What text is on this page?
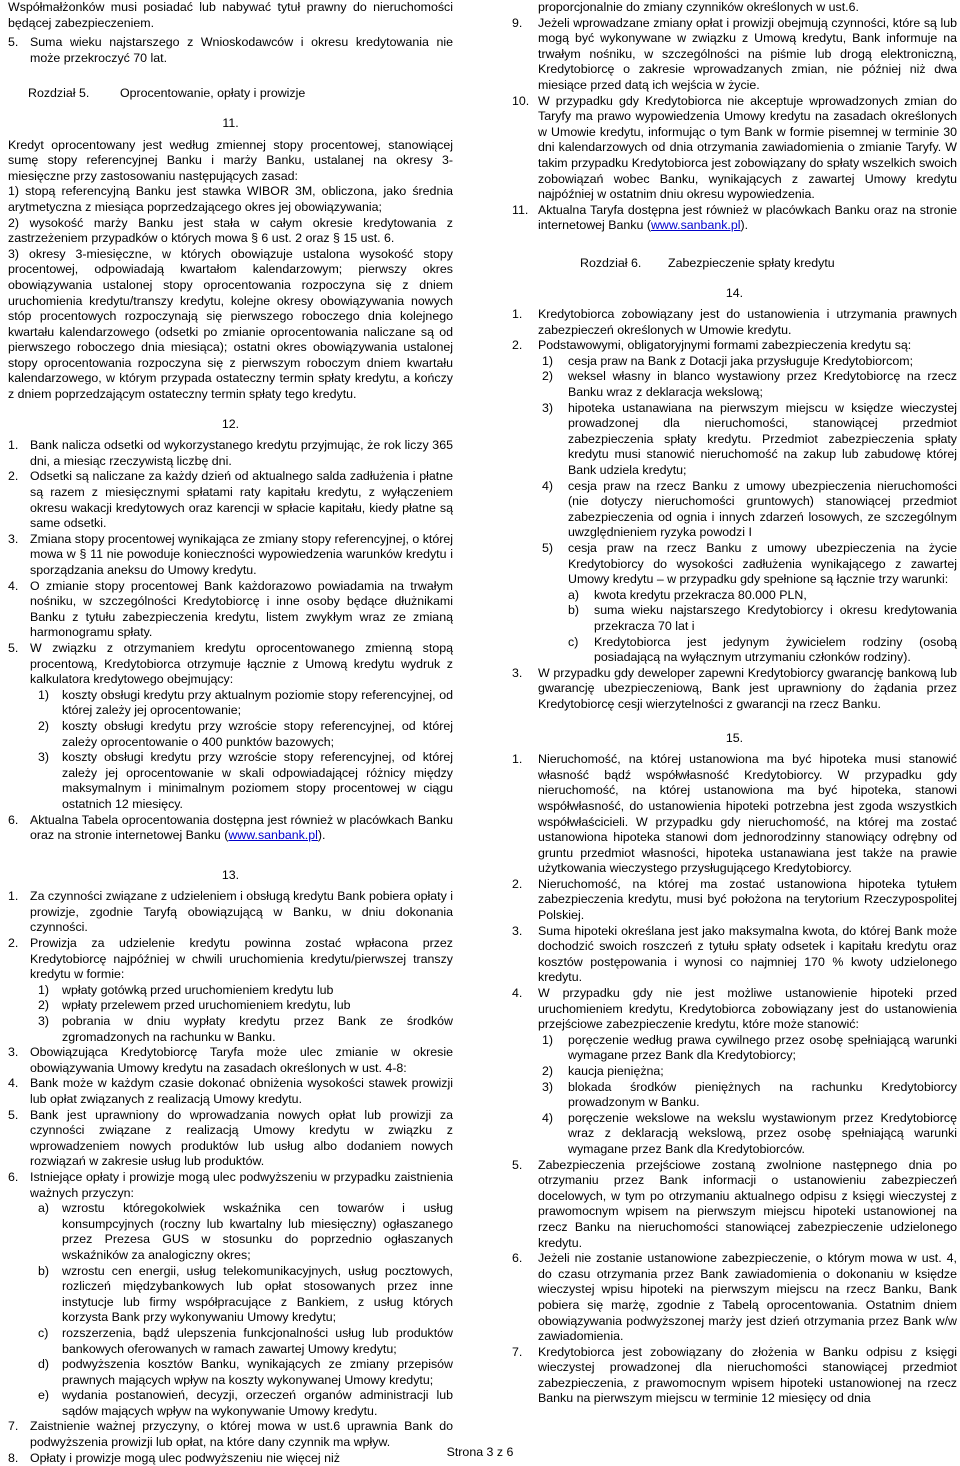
Współmałżonków musi posiadać lub nabywać tytuł prawny do nieruchomości będącej zabezpieczeniem.

5. Suma wieku najstarszego z Wnioskodawców i okresu kredytowania nie może przekroczyć 70 lat.
Rozdział 5.	Oprocentowanie, opłaty i prowizje
11.

Kredyt oprocentowany jest według zmiennej stopy procentowej, stanowiącej sumę stopy referencyjnej Banku i marży Banku, ustalanej na okresy 3-miesięczne przy zastosowaniu następujących zasad:

1) stopą referencyjną Banku jest stawka WIBOR 3M, obliczona, jako średnia arytmetyczna z miesiąca poprzedzającego okres jej obowiązywania;

2) wysokość marży Banku jest stała w całym okresie kredytowania z zastrzeżeniem przypadków o których mowa § 6 ust. 2 oraz § 15 ust. 6.

3) okresy 3-miesięczne, w których obowiązuje ustalona wysokość stopy procentowej, odpowiadają kwartałom kalendarzowym; pierwszy okres obowiązywania ustalonej stopy oprocentowania rozpoczyna się z dniem uruchomienia kredytu/transzy kredytu, kolejne okresy obowiązywania nowych stóp procentowych rozpoczynają się pierwszego roboczego dnia kolejnego kwartału kalendarzowego (odsetki po zmianie oprocentowania naliczane są od pierwszego roboczego dnia miesiąca); ostatni okres obowiązywania ustalonej stopy oprocentowania rozpoczyna się z pierwszym roboczym dniem kwartału kalendarzowego, w którym przypada ostateczny termin spłaty kredytu, a kończy z dniem poprzedzającym ostateczny termin spłaty tego kredytu.

12.
1. Bank nalicza odsetki od wykorzystanego kredytu przyjmując, że rok liczy 365 dni, a miesiąc rzeczywistą liczbę dni.
2. Odsetki są naliczane za każdy dzień od aktualnego salda zadłużenia i płatne są razem z miesięcznymi spłatami raty kapitału kredytu, z wyłączeniem okresu wakacji kredytowych oraz karencji w spłacie kapitału, kiedy płatne są same odsetki.
3. Zmiana stopy procentowej wynikająca ze zmiany stopy referencyjnej, o której mowa w § 11 nie powoduje konieczności wypowiedzenia warunków kredytu i sporządzania aneksu do Umowy kredytu.
4. O zmianie stopy procentowej Bank każdorazowo powiadamia na trwałym nośniku, w szczególności Kredytobiorcę i inne osoby będące dłużnikami Banku z tytułu zabezpieczenia kredytu, listem zwykłym wraz ze zmianą harmonogramu spłaty.
5. W związku z otrzymaniem kredytu oprocentowanego zmienną stopą procentową, Kredytobiorca otrzymuje łącznie z Umową kredytu wydruk z kalkulatora kredytowego obejmujący:
1)	koszty obsługi kredytu przy aktualnym poziomie stopy referencyjnej, od której zależy jej oprocentowanie;
2)	koszty obsługi kredytu przy wzroście stopy referencyjnej, od której zależy oprocentowanie o 400 punktów bazowych;
3)	koszty obsługi kredytu przy wzroście stopy referencyjnej, od której zależy jej oprocentowanie w skali odpowiadającej różnicy między maksymalnym i minimalnym poziomem stopy procentowej w ciągu ostatnich 12 miesięcy.
6. Aktualna Tabela oprocentowania dostępna jest również w placówkach Banku oraz na stronie internetowej Banku (www.sanbank.pl).
13.
1. Za czynności związane z udzieleniem i obsługą kredytu Bank pobiera opłaty i prowizje, zgodnie Taryfą obowiązującą w Banku, w dniu dokonania czynności.
2. Prowizja za udzielenie kredytu powinna zostać wpłacona przez Kredytobiorcę najpóźniej w chwili uruchomienia kredytu/pierwszej transzy kredytu w formie:
1)	wpłaty gotówką przed uruchomieniem kredytu lub
2)	wpłaty przelewem przed uruchomieniem kredytu, lub
3)	pobrania w dniu wypłaty kredytu przez Bank ze środków zgromadzonych na rachunku w Banku.
3. Obowiązująca Kredytobiorcę Taryfa może ulec zmianie w okresie obowiązywania Umowy kredytu na zasadach określonych w ust. 4-8:
4. Bank może w każdym czasie dokonać obniżenia wysokości stawek prowizji lub opłat związanych z realizacją Umowy kredytu.
5. Bank jest uprawniony do wprowadzania nowych opłat lub prowizji za czynności związane z realizacją Umowy kredytu w związku z wprowadzeniem nowych produktów lub usług albo dodaniem nowych rozwiązań w zakresie usług lub produktów.
6. Istniejące opłaty i prowizje mogą ulec podwyższeniu w przypadku zaistnienia ważnych przyczyn:
a)	wzrostu któregokolwiek wskaźnika cen towarów i usług konsumpcyjnych (roczny lub kwartalny lub miesięczny) ogłaszanego przez Prezesa GUS w stosunku do poprzednio ogłaszanych wskaźników za analogiczny okres;
b)	wzrostu cen energii, usług telekomunikacyjnych, usług pocztowych, rozliczeń międzybankowych lub opłat stosowanych przez inne instytucje lub firmy współpracujące z Bankiem, z usług których korzysta Bank przy wykonywaniu Umowy kredytu;
c)	rozszerzenia, bądź ulepszenia funkcjonalności usług lub produktów bankowych oferowanych w ramach zawartej Umowy kredytu;
d)	podwyższenia kosztów Banku, wynikających ze zmiany przepisów prawnych mających wpływ na koszty wykonywanej Umowy kredytu;
e)	wydania postanowień, decyzji, orzeczeń organów administracji lub sądów mających wpływ na wykonywanie Umowy kredytu.
7. Zaistnienie ważnej przyczyny, o której mowa w ust.6 uprawnia Bank do podwyższenia prowizji lub opłat, na które dany czynnik ma wpływ.
8. Opłaty i prowizje mogą ulec podwyższeniu nie więcej niż

proporcjonalnie do zmiany czynników określonych w ust.6.

9.	Jeżeli wprowadzane zmiany opłat i prowizji obejmują czynności, które są lub mogą być wykonywane w związku z Umową kredytu, Bank informuje na trwałym nośniku, w szczególności na piśmie lub drogą elektroniczną, Kredytobiorcę o zakresie wprowadzanych zmian, nie później niż dwa miesiące przed datą ich wejścia w życie.
10. W przypadku gdy Kredytobiorca nie akceptuje wprowadzonych zmian do Taryfy ma prawo wypowiedzenia Umowy kredytu na zasadach określonych w Umowie kredytu, informując o tym Bank w formie pisemnej w terminie 30 dni kalendarzowych od dnia otrzymania zawiadomienia o zmianie Taryfy. W takim przypadku Kredytobiorca jest zobowiązany do spłaty wszelkich swoich zobowiązań wobec Banku, wynikających z zawartej Umowy kredytu najpóźniej w ostatnim dniu okresu wypowiedzenia.
11. Aktualna Taryfa dostępna jest również w placówkach Banku oraz na stronie internetowej Banku (www.sanbank.pl).
Rozdział 6.	Zabezpieczenie spłaty kredytu
14.
1.	Kredytobiorca zobowiązany jest do ustanowienia i utrzymania prawnych zabezpieczeń określonych w Umowie kredytu.
2.	Podstawowymi, obligatoryjnymi formami zabezpieczenia kredytu są:
1)	cesja praw na Bank z Dotacji jaka przysługuje Kredytobiorcom;
2)	weksel własny in blanco wystawiony przez Kredytobiorcę na rzecz Banku wraz z deklaracja wekslową;
3)	hipoteka ustanawiana na pierwszym miejscu w księdze wieczystej prowadzonej dla nieruchomości, stanowiącej przedmiot zabezpieczenia spłaty kredytu. Przedmiot zabezpieczenia spłaty kredytu musi stanowić nieruchomość na zakup lub zabudowę której Bank udziela kredytu;
4)	cesja praw na rzecz Banku z umowy ubezpieczenia nieruchomości (nie dotyczy nieruchomości gruntowych) stanowiącej przedmiot zabezpieczenia od ognia i innych zdarzeń losowych, ze szczególnym uwzględnieniem ryzyka powodzi I
5)	cesja praw na rzecz Banku z umowy ubezpieczenia na życie Kredytobiorcy do wysokości zadłużenia wynikającego z zawartej Umowy kredytu – w przypadku gdy spełnione są łącznie trzy warunki:
a)	kwota kredytu przekracza 80.000 PLN,
b)	suma wieku najstarszego Kredytobiorcy i okresu kredytowania przekracza 70 lat i
c)	Kredytobiorca jest jedynym żywicielem rodziny (osobą posiadającą na wyłącznym utrzymaniu członków rodziny).
3.	W przypadku gdy deweloper zapewni Kredytobiorcy gwarancję bankową lub gwarancję ubezpieczeniową, Bank jest uprawniony do żądania przez Kredytobiorcę cesji wierzytelności z gwarancji na rzecz Banku.
15.
1.	Nieruchomość, na której ustanowiona ma być hipoteka musi stanowić własność bądź współwłasność Kredytobiorcy. W przypadku gdy nieruchomość, na której ustanowiona ma być hipoteka, stanowi współwłasność, do ustanowienia hipoteki potrzebna jest zgoda wszystkich współwłaścicieli. W przypadku gdy nieruchomość, na której ma zostać ustanowiona hipoteka stanowi dom jednorodzinny stanowiący odrębny od gruntu przedmiot własności, hipoteka ustanawiana jest także na prawie użytkowania wieczystego przysługującego Kredytobiorcy.
2.	Nieruchomość, na której ma zostać ustanowiona hipoteka tytułem zabezpieczenia kredytu, musi być położona na terytorium Rzeczypospolitej Polskiej.
3.	Suma hipoteki określana jest jako maksymalna kwota, do której Bank może dochodzić swoich roszczeń z tytułu spłaty odsetek i kapitału kredytu oraz kosztów postępowania i wynosi co najmniej 170 % kwoty udzielonego kredytu.
4.	W przypadku gdy nie jest możliwe ustanowienie hipoteki przed uruchomieniem kredytu, Kredytobiorca zobowiązany jest do ustanowienia przejściowe zabezpieczenie kredytu, które może stanowić:
1)	poręczenie według prawa cywilnego przez osobę spełniającą warunki wymagane przez Bank dla Kredytobiorcy;
2)	kaucja pieniężna;
3)	blokada środków pieniężnych na rachunku Kredytobiorcy prowadzonym w Banku.
4)	poręczenie wekslowe na wekslu wystawionym przez Kredytobiorcę wraz z deklaracją wekslową, przez osobę spełniającą warunki wymagane przez Bank dla Kredytobiorców.
5.	Zabezpieczenia przejściowe zostaną zwolnione następnego dnia po otrzymaniu przez Bank informacji o ustanowieniu zabezpieczeń docelowych, w tym po otrzymaniu aktualnego odpisu z księgi wieczystej z prawomocnym wpisem na pierwszym miejscu hipoteki ustanowionej na rzecz Banku na nieruchomości stanowiącej zabezpieczenie udzielonego kredytu.
6.	Jeżeli nie zostanie ustanowione zabezpieczenie, o którym mowa w ust. 4, do czasu otrzymania przez Bank zawiadomienia o dokonaniu w księdze wieczystej wpisu hipoteki na pierwszym miejscu na rzecz Banku, Bank pobiera się marżę, zgodnie z Tabelą oprocentowania. Ostatnim dniem obowiązywania podwyższonej marży jest dzień otrzymania przez Bank w/w zawiadomienia.
7.	Kredytobiorca jest zobowiązany do złożenia w Banku odpisu z księgi wieczystej prowadzonej dla nieruchomości stanowiącej przedmiot zabezpieczenia, z prawomocnym wpisem hipoteki ustanowionej na rzecz Banku na pierwszym miejscu w terminie 12 miesięcy od dnia
Strona 3 z 6
